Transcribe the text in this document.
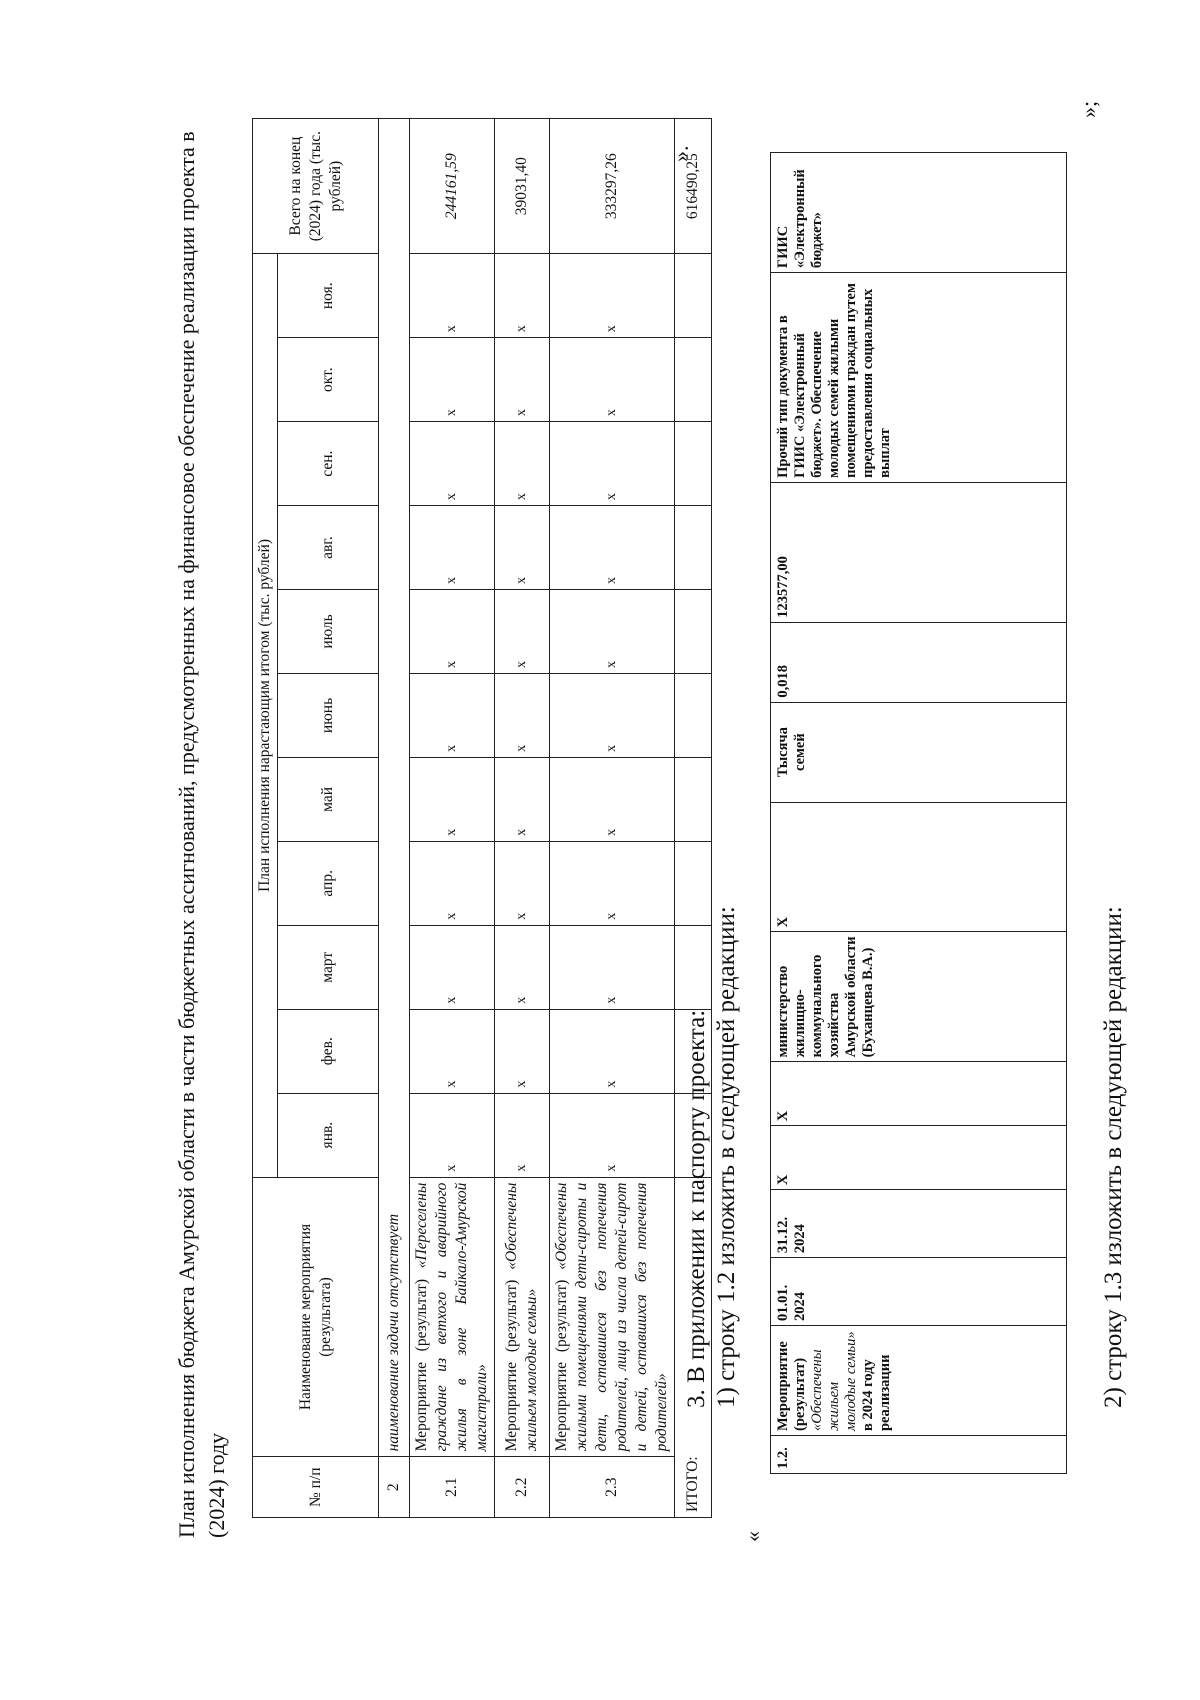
План исполнения бюджета Амурской области в части бюджетных ассигнований, предусмотренных на финансовое обеспечение реализации проекта в (2024) году	№ п/п	Наименование мероприятия (результата)	План исполнения нарастающим итогом (тыс. рублей)											Всего на конец (2024) года (тыс. рублей)
		янв.	фев.	март	апр.	май	июнь	июль	авг.	сен.	окт.	ноя.	
2	наименование задачи отсутствует												
2.1	Мероприятие (результат) «Переселены граждане из ветхого и аварийного жилья в зоне Байкало-Амурской магистрали»	x	x	x	x	x	x	x	x	x	x	x	244161,59
2.2	Мероприятие (результат) «Обеспечены жильем молодые семьи»	x	x	x	x	x	x	x	x	x	x	x	39031,40
2.3	Мероприятие (результат) «Обеспечены жилыми помещениями дети-сироты и дети, оставшиеся без попечения родителей, лица из числа детей-сирот и детей, оставшихся без попечения родителей»	x	x	x	x	x	x	x	x	x	x	x	333297,26
ИТОГО:													616490,25
».
3. В приложении к паспорту проекта: 1) строку 1.2 изложить в следующей редакции:
«
1.2.	Мероприятие (результат) «Обеспечены жильем молодые семьи» в 2024 году реализации	01.01. 2024	31.12. 2024	Х	Х	министерство жилищно-коммунального хозяйства Амурской области (Буханцева В.А.)	Х	Тысяча семей	0,018	123577,00	Прочий тип документа в ГИИС «Электронный бюджет». Обеспечение молодых семей жилыми помещениями граждан путем предоставления социальных выплат	ГИИС «Электронный бюджет»
»;
2) строку 1.3 изложить в следующей редакции:
